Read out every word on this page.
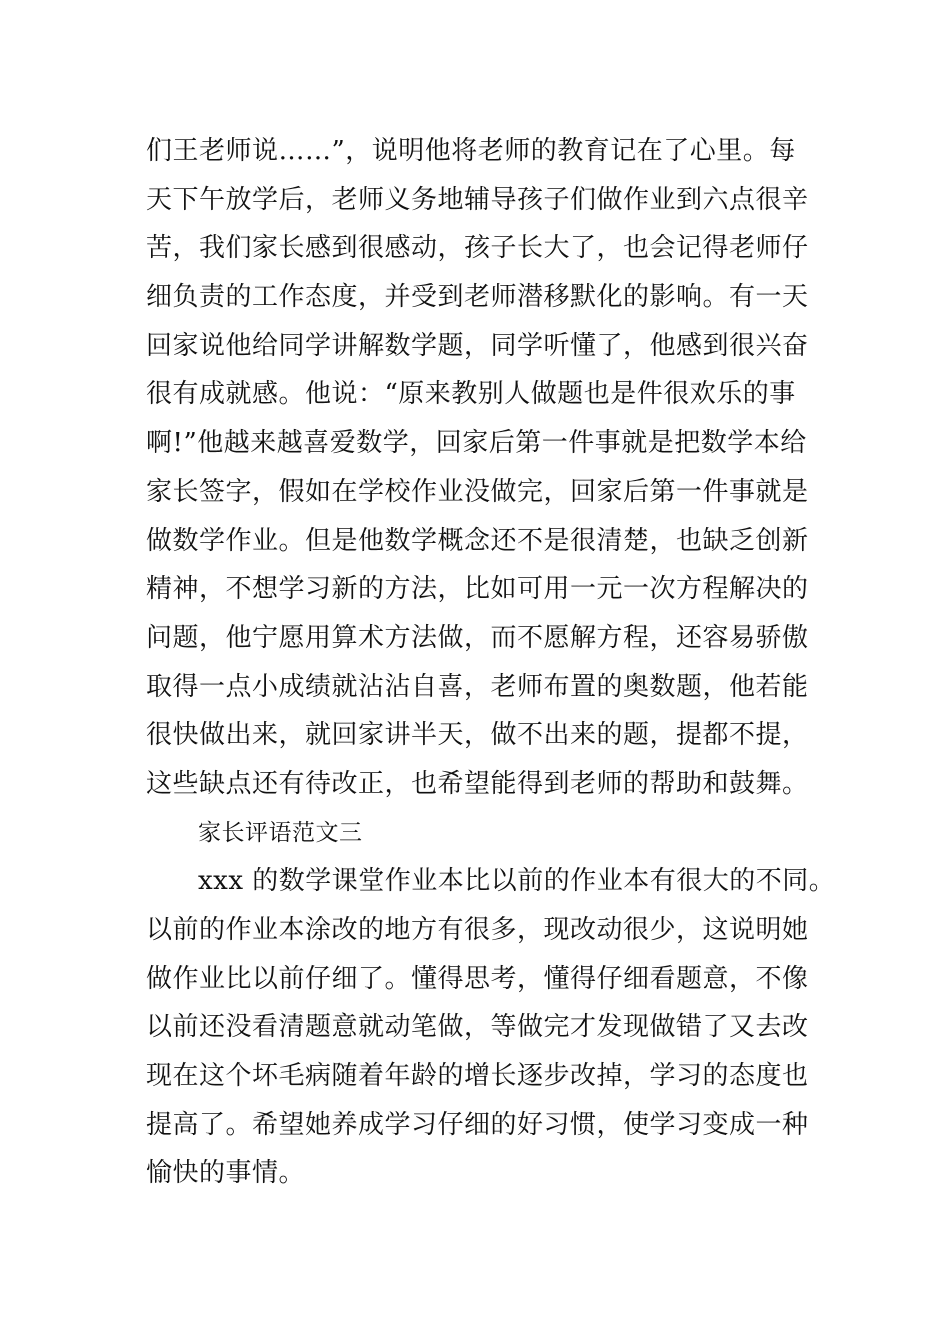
们王老师说……”，说明他将老师的教育记在了心里。每
天下午放学后，老师义务地辅导孩子们做作业到六点很辛
苦，我们家长感到很感动，孩子长大了，也会记得老师仔
细负责的工作态度，并受到老师潜移默化的影响。有一天
回家说他给同学讲解数学题，同学听懂了，他感到很兴奋
很有成就感。他说：“原来教别人做题也是件很欢乐的事
啊!”他越来越喜爱数学，回家后第一件事就是把数学本给
家长签字，假如在学校作业没做完，回家后第一件事就是
做数学作业。但是他数学概念还不是很清楚，也缺乏创新
精神，不想学习新的方法，比如可用一元一次方程解决的
问题，他宁愿用算术方法做，而不愿解方程，还容易骄傲
取得一点小成绩就沾沾自喜，老师布置的奥数题，他若能
很快做出来，就回家讲半天，做不出来的题，提都不提，
这些缺点还有待改正，也希望能得到老师的帮助和鼓舞。
家长评语范文三
xxx 的数学课堂作业本比以前的作业本有很大的不同。
以前的作业本涂改的地方有很多，现改动很少，这说明她
做作业比以前仔细了。懂得思考，懂得仔细看题意，不像
以前还没看清题意就动笔做，等做完才发现做错了又去改
现在这个坏毛病随着年龄的增长逐步改掉，学习的态度也
提高了。希望她养成学习仔细的好习惯，使学习变成一种
愉快的事情。
